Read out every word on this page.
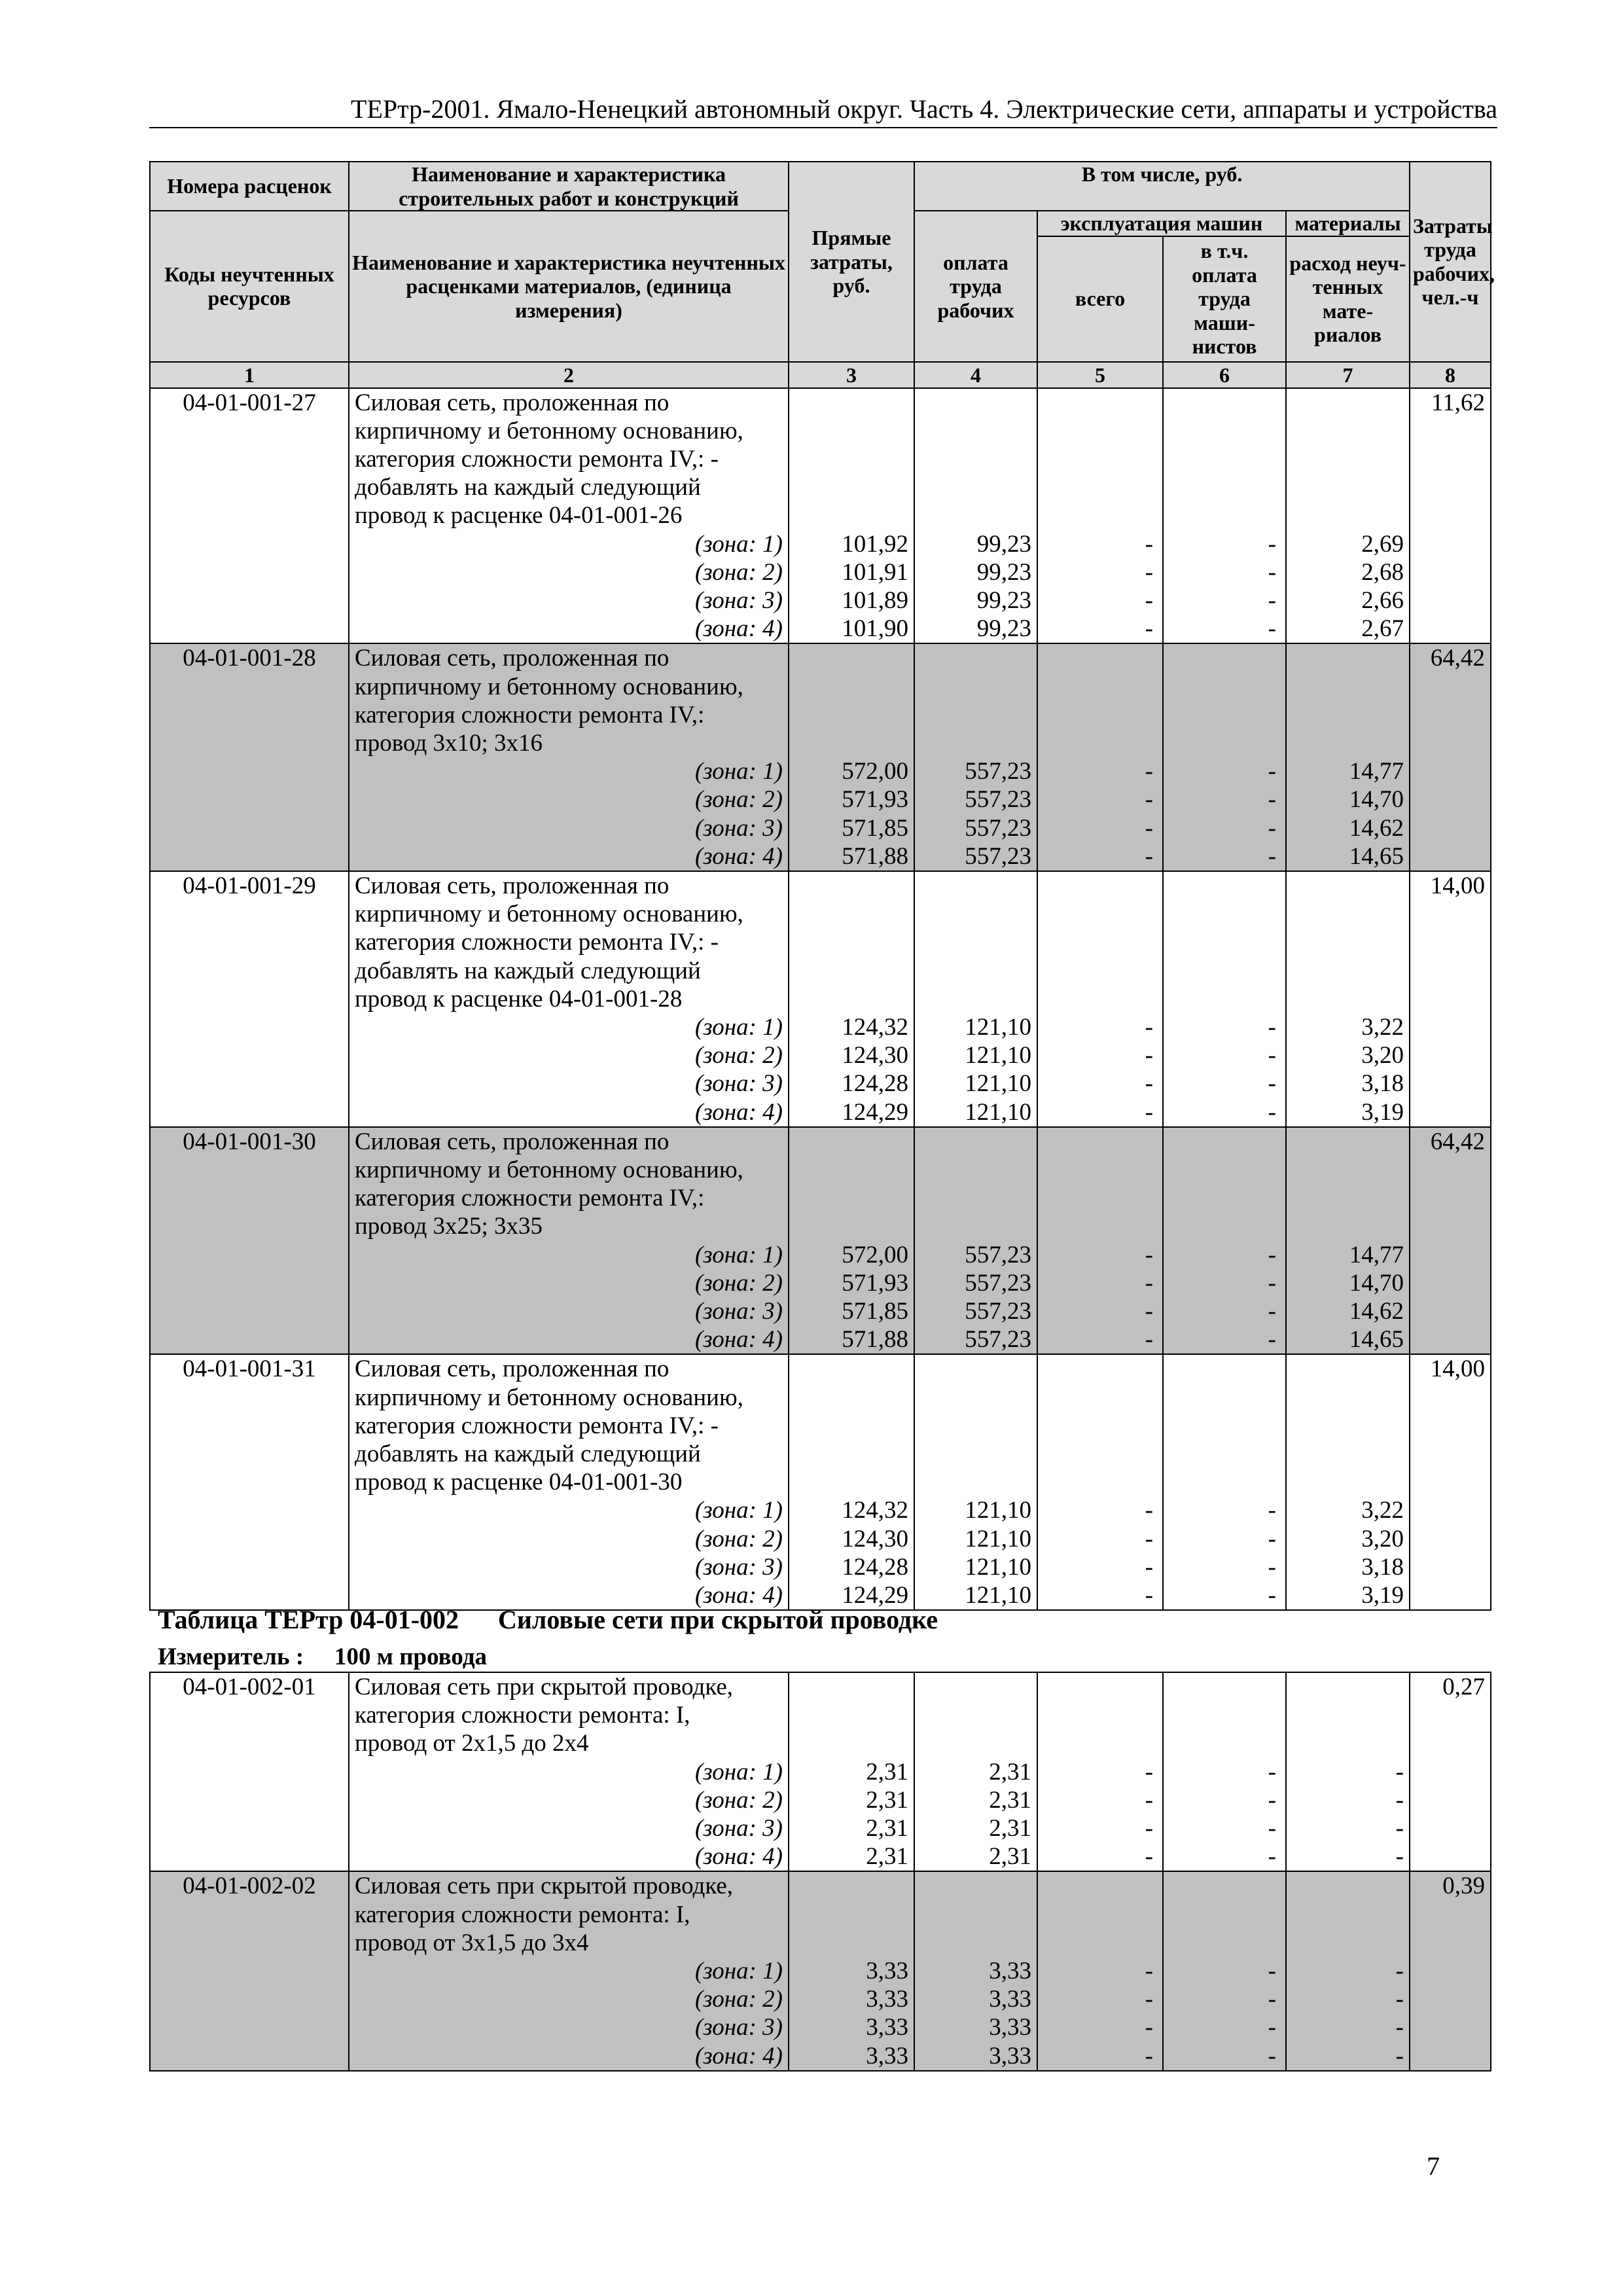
ТЕРтр-2001. Ямало-Ненецкий автономный округ. Часть 4. Электрические сети, аппараты и устройства
Номера расценок	Наименование и характеристика строительных работ и конструкций	Прямые затраты, руб.	В том числе, руб.				Затраты труда рабочих, чел.-ч
Коды неучтенных ресурсов	Наименование и характеристика неучтенных расценками материалов, (единица измерения)		оплата труда рабочих	эксплуатация машин		материалы	
				всего	в т.ч. оплата труда маши-нистов	расход неуч-тенных мате-риалов	
1	2	3	4	5	6	7	8
04-01-001-27	Силовая сеть, проложенная по						11,62
	кирпичному и бетонному основанию,						
	категория сложности ремонта IV,: -						
	добавлять на каждый следующий						
	провод к расценке 04-01-001-26						
	(зона: 1)	101,92	99,23	-	-	2,69	
	(зона: 2)	101,91	99,23	-	-	2,68	
	(зона: 3)	101,89	99,23	-	-	2,66	
	(зона: 4)	101,90	99,23	-	-	2,67	
04-01-001-28	Силовая сеть, проложенная по						64,42
	кирпичному и бетонному основанию,						
	категория сложности ремонта IV,:						
	провод 3х10; 3х16						
	(зона: 1)	572,00	557,23	-	-	14,77	
	(зона: 2)	571,93	557,23	-	-	14,70	
	(зона: 3)	571,85	557,23	-	-	14,62	
	(зона: 4)	571,88	557,23	-	-	14,65	
04-01-001-29	Силовая сеть, проложенная по						14,00
	кирпичному и бетонному основанию,						
	категория сложности ремонта IV,: -						
	добавлять на каждый следующий						
	провод к расценке 04-01-001-28						
	(зона: 1)	124,32	121,10	-	-	3,22	
	(зона: 2)	124,30	121,10	-	-	3,20	
	(зона: 3)	124,28	121,10	-	-	3,18	
	(зона: 4)	124,29	121,10	-	-	3,19	
04-01-001-30	Силовая сеть, проложенная по						64,42
	кирпичному и бетонному основанию,						
	категория сложности ремонта IV,:						
	провод 3х25; 3х35						
	(зона: 1)	572,00	557,23	-	-	14,77	
	(зона: 2)	571,93	557,23	-	-	14,70	
	(зона: 3)	571,85	557,23	-	-	14,62	
	(зона: 4)	571,88	557,23	-	-	14,65	
04-01-001-31	Силовая сеть, проложенная по						14,00
	кирпичному и бетонному основанию,						
	категория сложности ремонта IV,: -						
	добавлять на каждый следующий						
	провод к расценке 04-01-001-30						
	(зона: 1)	124,32	121,10	-	-	3,22	
	(зона: 2)	124,30	121,10	-	-	3,20	
	(зона: 3)	124,28	121,10	-	-	3,18	
	(зона: 4)	124,29	121,10	-	-	3,19	
Таблица ТЕРтр 04-01-002 Силовые сети при скрытой проводке
Измеритель : 100 м провода
04-01-002-01	Силовая сеть при скрытой проводке,						0,27
	категория сложности ремонта: I,						
	провод от 2х1,5 до 2х4						
	(зона: 1)	2,31	2,31	-	-	-	
	(зона: 2)	2,31	2,31	-	-	-	
	(зона: 3)	2,31	2,31	-	-	-	
	(зона: 4)	2,31	2,31	-	-	-	
04-01-002-02	Силовая сеть при скрытой проводке,						0,39
	категория сложности ремонта: I,						
	провод от 3х1,5 до 3х4						
	(зона: 1)	3,33	3,33	-	-	-	
	(зона: 2)	3,33	3,33	-	-	-	
	(зона: 3)	3,33	3,33	-	-	-	
	(зона: 4)	3,33	3,33	-	-	-	
7
